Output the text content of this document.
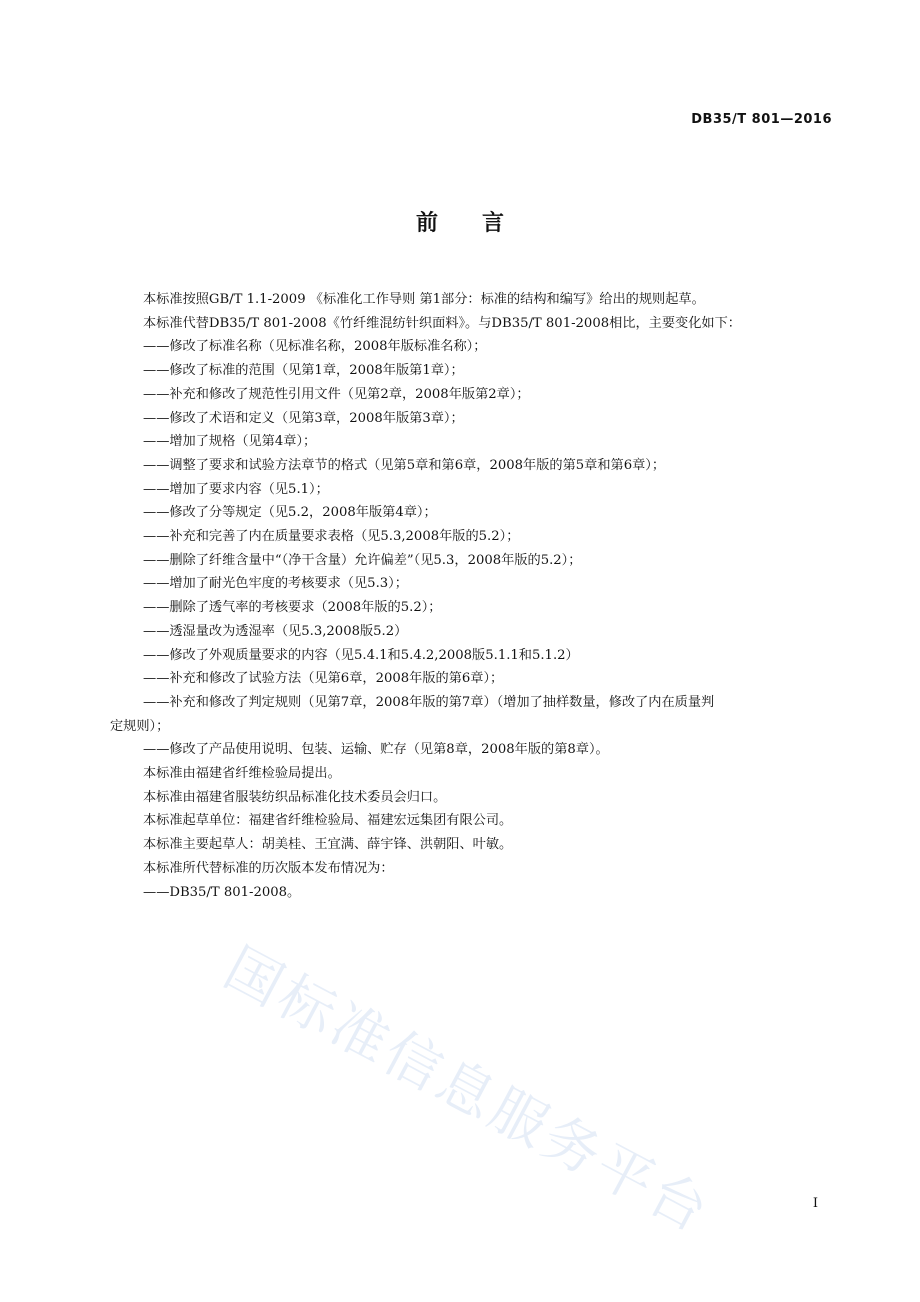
DB35/T 801—2016
前 言

本标准按照GB/T 1.1-2009 《标准化工作导则 第1部分：标准的结构和编写》给出的规则起草。

本标准代替DB35/T 801-2008《竹纤维混纺针织面料》。与DB35/T 801-2008相比，主要变化如下：

——修改了标准名称（见标准名称，2008年版标准名称）；

——修改了标准的范围（见第1章，2008年版第1章）；

——补充和修改了规范性引用文件（见第2章，2008年版第2章）；

——修改了术语和定义（见第3章，2008年版第3章）；

——增加了规格（见第4章）；

——调整了要求和试验方法章节的格式（见第5章和第6章，2008年版的第5章和第6章）；

——增加了要求内容（见5.1）；

——修改了分等规定（见5.2，2008年版第4章）；

——补充和完善了内在质量要求表格（见5.3,2008年版的5.2）；

——删除了纤维含量中“（净干含量）允许偏差”（见5.3，2008年版的5.2）；

——增加了耐光色牢度的考核要求（见5.3）；

——删除了透气率的考核要求（2008年版的5.2）；

——透湿量改为透湿率（见5.3,2008版5.2）

——修改了外观质量要求的内容（见5.4.1和5.4.2,2008版5.1.1和5.1.2）

——补充和修改了试验方法（见第6章，2008年版的第6章）；

——补充和修改了判定规则（见第7章，2008年版的第7章）（增加了抽样数量，修改了内在质量判

定规则）；

——修改了产品使用说明、包装、运输、贮存（见第8章，2008年版的第8章）。

本标准由福建省纤维检验局提出。

本标准由福建省服装纺织品标准化技术委员会归口。

本标准起草单位：福建省纤维检验局、福建宏远集团有限公司。

本标准主要起草人：胡美桂、王宜满、薛宇锋、洪朝阳、叶敏。

本标准所代替标准的历次版本发布情况为：

——DB35/T 801-2008。

国标准信息服务平台	I
